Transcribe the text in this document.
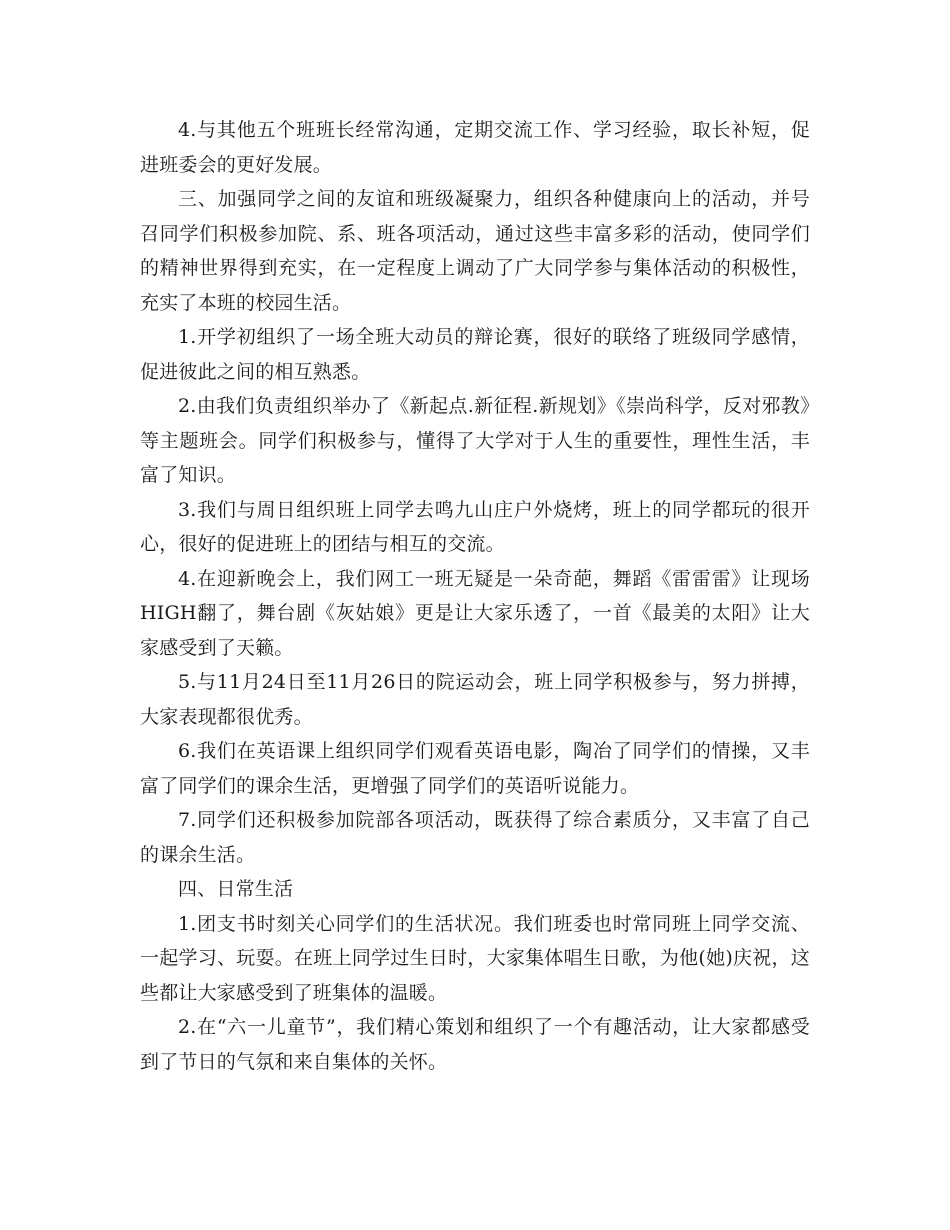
4.与其他五个班班长经常沟通，定期交流工作、学习经验，取长补短，促进班委会的更好发展。

三、加强同学之间的友谊和班级凝聚力，组织各种健康向上的活动，并号召同学们积极参加院、系、班各项活动，通过这些丰富多彩的活动，使同学们的精神世界得到充实，在一定程度上调动了广大同学参与集体活动的积极性，充实了本班的校园生活。

1.开学初组织了一场全班大动员的辩论赛，很好的联络了班级同学感情，促进彼此之间的相互熟悉。

2.由我们负责组织举办了《新起点.新征程.新规划》《崇尚科学，反对邪教》等主题班会。同学们积极参与，懂得了大学对于人生的重要性，理性生活，丰富了知识。

3.我们与周日组织班上同学去鸣九山庄户外烧烤，班上的同学都玩的很开心，很好的促进班上的团结与相互的交流。

4.在迎新晚会上，我们网工一班无疑是一朵奇葩，舞蹈《雷雷雷》让现场HIGH翻了，舞台剧《灰姑娘》更是让大家乐透了，一首《最美的太阳》让大家感受到了天籁。

5.与11月24日至11月26日的院运动会，班上同学积极参与，努力拼搏，大家表现都很优秀。

6.我们在英语课上组织同学们观看英语电影，陶冶了同学们的情操，又丰富了同学们的课余生活，更增强了同学们的英语听说能力。

7.同学们还积极参加院部各项活动，既获得了综合素质分，又丰富了自己的课余生活。

四、日常生活

1.团支书时刻关心同学们的生活状况。我们班委也时常同班上同学交流、一起学习、玩耍。在班上同学过生日时，大家集体唱生日歌，为他(她)庆祝，这些都让大家感受到了班集体的温暖。

2.在“六一儿童节”，我们精心策划和组织了一个有趣活动，让大家都感受到了节日的气氛和来自集体的关怀。
